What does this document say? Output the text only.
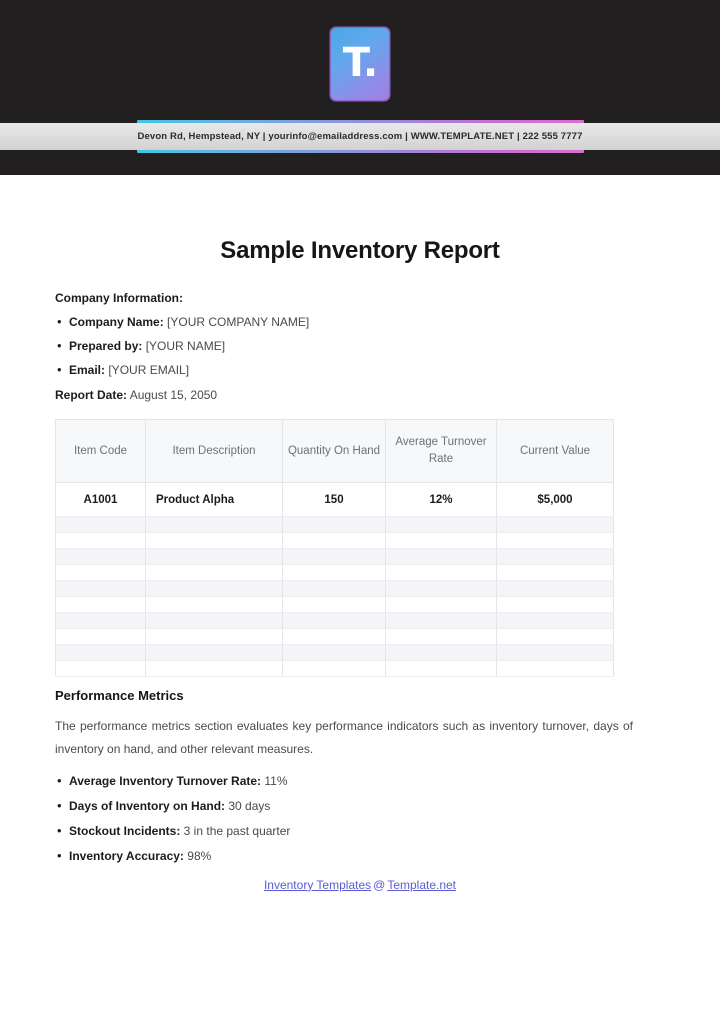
T.
Devon Rd, Hempstead, NY | yourinfo@emailaddress.com | WWW.TEMPLATE.NET | 222 555 7777
Sample Inventory Report
Company Information:
• Company Name: [YOUR COMPANY NAME]
• Prepared by: [YOUR NAME]
• Email: [YOUR EMAIL]
Report Date: August 15, 2050
Item Code	Item Description	Quantity On Hand	Average Turnover Rate	Current Value
A1001	Product Alpha	150	12%	$5,000

Performance Metrics

The performance metrics section evaluates key performance indicators such as inventory turnover, days of inventory on hand, and other relevant measures.

• Average Inventory Turnover Rate: 11%
• Days of Inventory on Hand: 30 days
• Stockout Incidents: 3 in the past quarter
• Inventory Accuracy: 98%
Inventory Templates @ Template.net
